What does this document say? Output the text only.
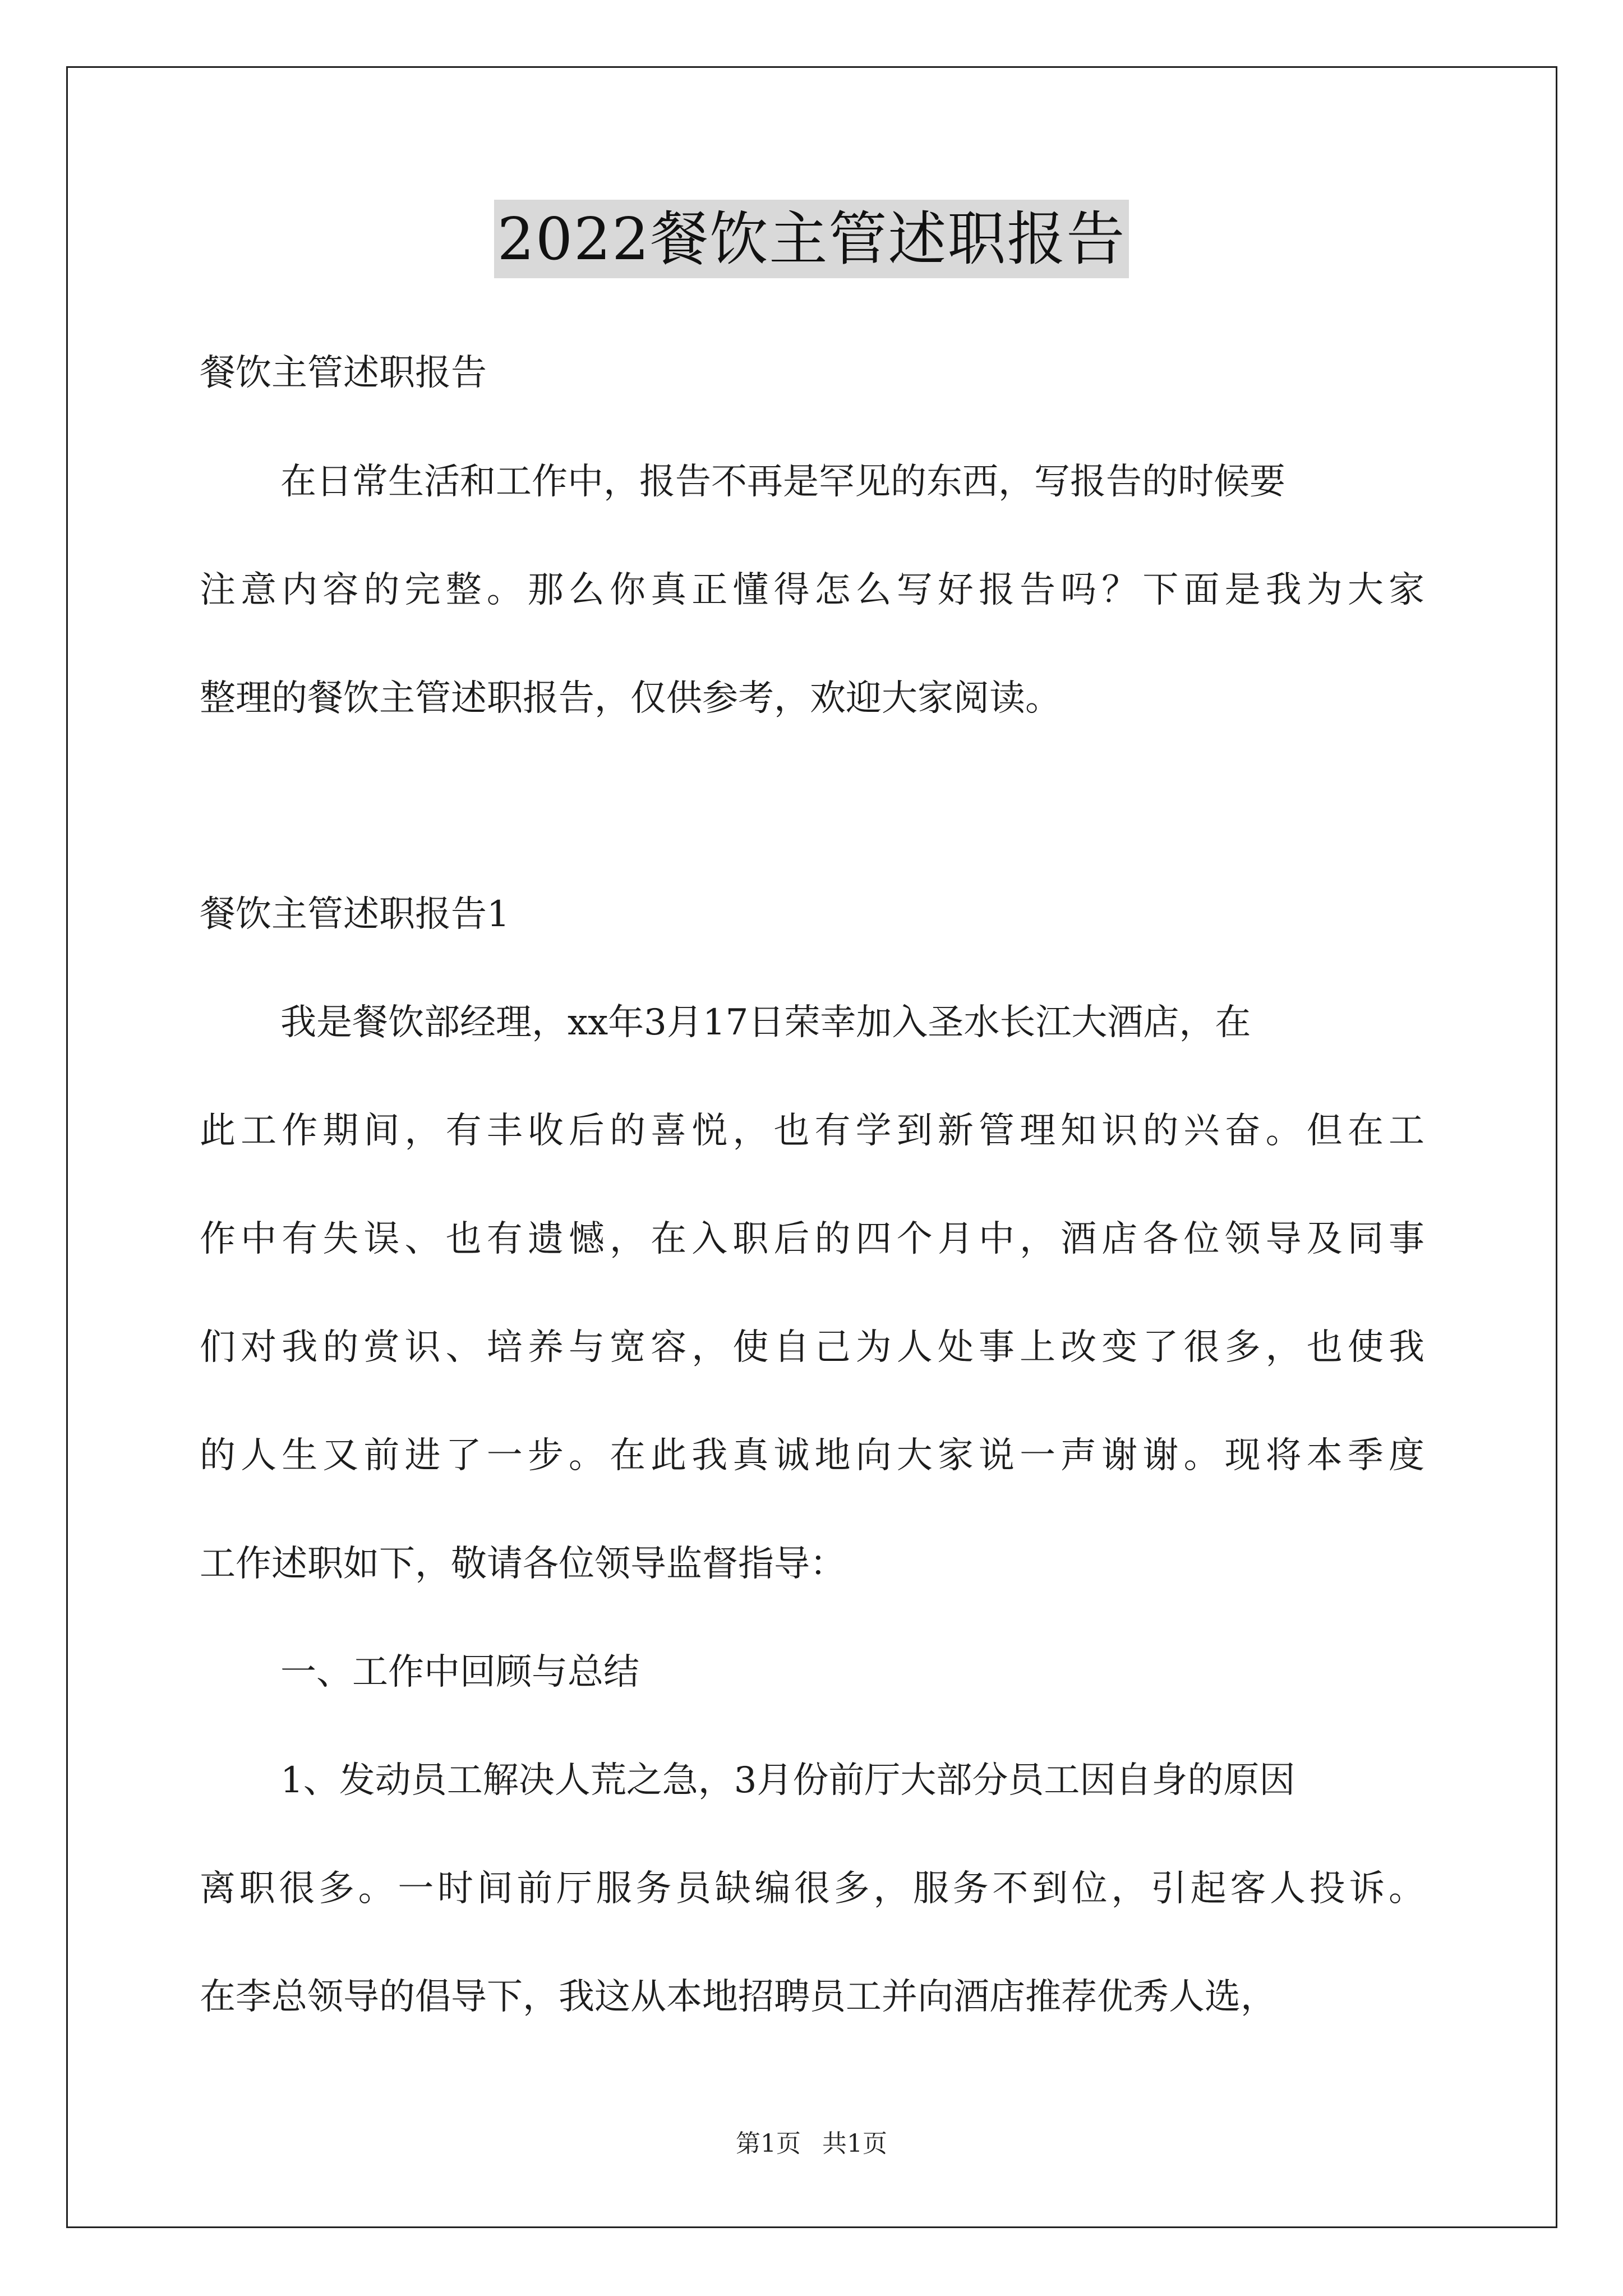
2022餐饮主管述职报告
餐饮主管述职报告
在日常生活和工作中，报告不再是罕见的东西，写报告的时候要
注意内容的完整。那么你真正懂得怎么写好报告吗？下面是我为大家
整理的餐饮主管述职报告，仅供参考，欢迎大家阅读。
餐饮主管述职报告1
我是餐饮部经理，xx年3月17日荣幸加入圣水长江大酒店，在
此工作期间，有丰收后的喜悦，也有学到新管理知识的兴奋。但在工
作中有失误、也有遗憾，在入职后的四个月中，酒店各位领导及同事
们对我的赏识、培养与宽容，使自己为人处事上改变了很多，也使我
的人生又前进了一步。在此我真诚地向大家说一声谢谢。现将本季度
工作述职如下，敬请各位领导监督指导：
一、工作中回顾与总结
1、发动员工解决人荒之急，3月份前厅大部分员工因自身的原因
离职很多。一时间前厅服务员缺编很多，服务不到位，引起客人投诉。
在李总领导的倡导下，我这从本地招聘员工并向酒店推荐优秀人选，
第1页 共1页
